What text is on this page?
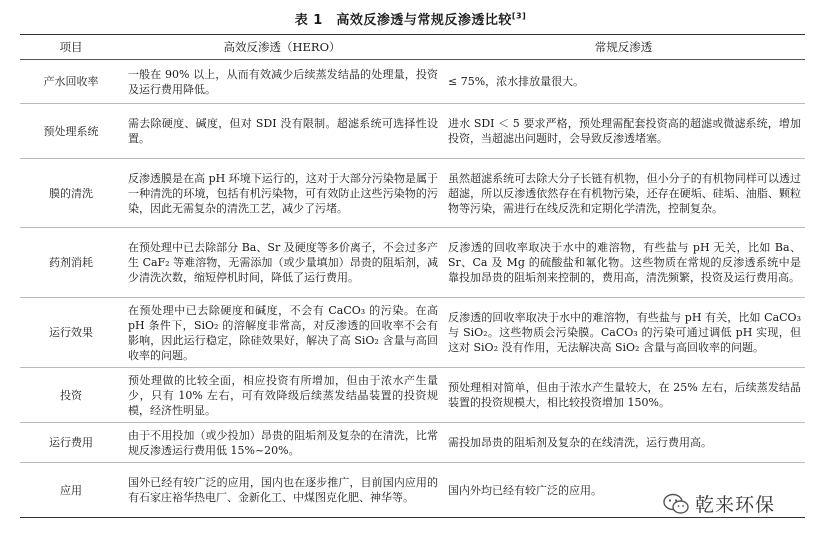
表 1　高效反渗透与常规反渗透比较[3]
项目	高效反渗透（HERO）	常规反渗透
产水回收率	一般在 90% 以上，从而有效减少后续蒸发结晶的处理量，投资及运行费用降低。	≤ 75%，浓水排放量很大。
预处理系统	需去除硬度、碱度，但对 SDI 没有限制。超滤系统可选择性设置。	进水 SDI ＜ 5 要求严格，预处理需配套投资高的超滤或微滤系统，增加投资，当超滤出问题时，会导致反渗透堵塞。
膜的清洗	反渗透膜是在高 pH 环境下运行的，这对于大部分污染物是属于一种清洗的环境，包括有机污染物，可有效防止这些污染物的污染，因此无需复杂的清洗工艺，减少了污堵。	虽然超滤系统可去除大分子长链有机物，但小分子的有机物同样可以透过超滤，所以反渗透依然存在有机物污染，还存在硬垢、硅垢、油脂、颗粒物等污染，需进行在线反洗和定期化学清洗，控制复杂。
药剂消耗	在预处理中已去除部分 Ba、Sr 及硬度等多价离子，不会过多产生 CaF₂ 等难溶物，无需添加（或少量填加）昂贵的阻垢剂，减少清洗次数，缩短停机时间，降低了运行费用。	反渗透的回收率取决于水中的难溶物，有些盐与 pH 无关，比如 Ba、Sr、Ca 及 Mg 的硫酸盐和氟化物。这些物质在常规的反渗透系统中是靠投加昂贵的阻垢剂来控制的，费用高，清洗频繁，投资及运行费用高。
运行效果	在预处理中已去除硬度和碱度，不会有 CaCO₃ 的污染。在高 pH 条件下，SiO₂ 的溶解度非常高，对反渗透的回收率不会有影响，因此运行稳定，除硅效果好，解决了高 SiO₂ 含量与高回收率的问题。	反渗透的回收率取决于水中的难溶物，有些盐与 pH 有关，比如 CaCO₃ 与 SiO₂。这些物质会污染膜。CaCO₃ 的污染可通过调低 pH 实现，但这对 SiO₂ 没有作用，无法解决高 SiO₂ 含量与高回收率的问题。
投资	预处理做的比较全面，相应投资有所增加，但由于浓水产生量少，只有 10% 左右，可有效降级后续蒸发结晶装置的投资规模，经济性明显。	预处理相对简单，但由于浓水产生量较大，在 25% 左右，后续蒸发结晶装置的投资规模大，相比较投资增加 150%。
运行费用	由于不用投加（或少投加）昂贵的阻垢剂及复杂的在清洗，比常规反渗透运行费用低 15%~20%。	需投加昂贵的阻垢剂及复杂的在线清洗，运行费用高。
应用	国外已经有较广泛的应用，国内也在逐步推广，目前国内应用的有石家庄裕华热电厂、金新化工、中煤图克化肥、神华等。	国内外均已经有较广泛的应用。
乾来环保
